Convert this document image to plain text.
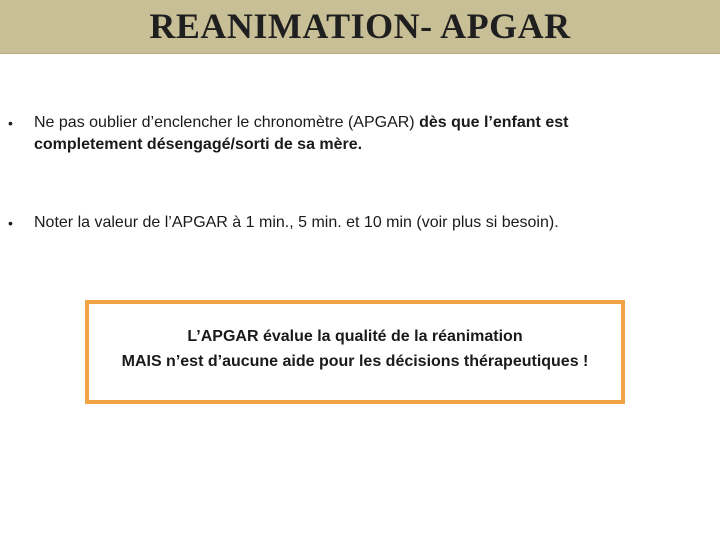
REANIMATION- APGAR
• Ne pas oublier d’enclencher le chronomètre (APGAR) dès que l’enfant est completement désengagé/sorti de sa mère.
• Noter la valeur de l’APGAR à 1 min., 5 min. et 10 min (voir plus si besoin).
L’APGAR évalue la qualité de la réanimation
MAIS n’est d’aucune aide pour les décisions thérapeutiques !
